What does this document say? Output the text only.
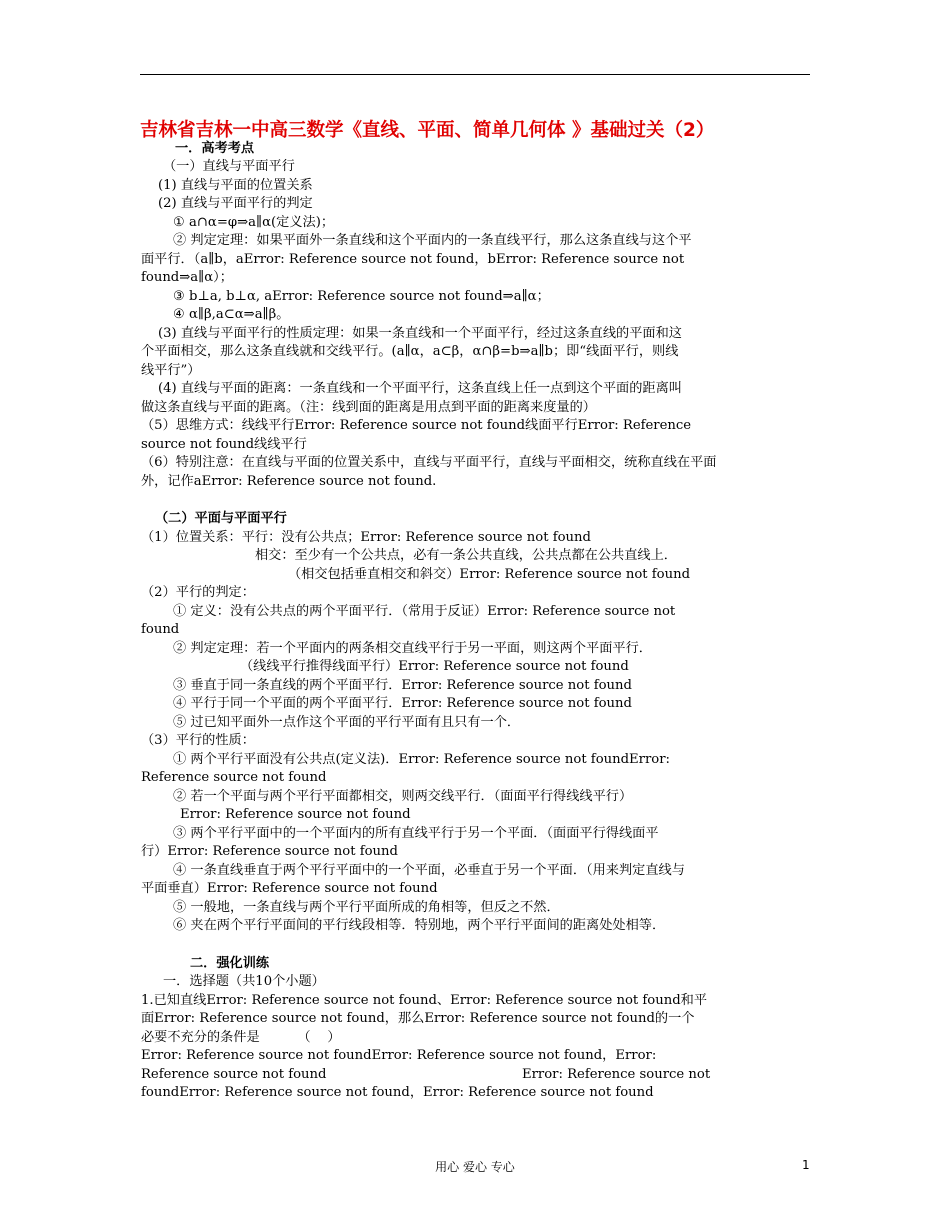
吉林省吉林一中高三数学《直线、平面、简单几何体 》基础过关（2）
一．高考考点
（一）直线与平面平行
(1) 直线与平面的位置关系
(2) 直线与平面平行的判定
① a∩α=φ⇒a∥α(定义法)；
② 判定定理：如果平面外一条直线和这个平面内的一条直线平行，那么这条直线与这个平
面平行．（a∥b，aError: Reference source not found，bError: Reference source not
found⇒a∥α）；
③ b⊥a, b⊥α, aError: Reference source not found⇒a∥α；
④ α∥β,a⊂α⇒a∥β。
(3) 直线与平面平行的性质定理：如果一条直线和一个平面平行，经过这条直线的平面和这
个平面相交，那么这条直线就和交线平行。(a∥α，a⊂β，α∩β=b⇒a∥b；即“线面平行，则线
线平行”）
(4) 直线与平面的距离：一条直线和一个平面平行，这条直线上任一点到这个平面的距离叫
做这条直线与平面的距离。（注：线到面的距离是用点到平面的距离来度量的）
（5）思维方式：线线平行Error: Reference source not found线面平行Error: Reference
source not found线线平行
（6）特别注意：在直线与平面的位置关系中，直线与平面平行，直线与平面相交，统称直线在平面
外，记作aError: Reference source not found.
（二）平面与平面平行
（1）位置关系：平行：没有公共点；Error: Reference source not found
相交：至少有一个公共点，必有一条公共直线，公共点都在公共直线上．
（相交包括垂直相交和斜交）Error: Reference source not found
（2）平行的判定：
① 定义：没有公共点的两个平面平行．（常用于反证）Error: Reference source not
found
② 判定定理：若一个平面内的两条相交直线平行于另一平面，则这两个平面平行．
（线线平行推得线面平行）Error: Reference source not found
③ 垂直于同一条直线的两个平面平行．Error: Reference source not found
④ 平行于同一个平面的两个平面平行．Error: Reference source not found
⑤ 过已知平面外一点作这个平面的平行平面有且只有一个．
（3）平行的性质：
① 两个平行平面没有公共点(定义法)．Error: Reference source not foundError:
Reference source not found
② 若一个平面与两个平行平面都相交，则两交线平行．（面面平行得线线平行）
Error: Reference source not found
③ 两个平行平面中的一个平面内的所有直线平行于另一个平面．（面面平行得线面平
行）Error: Reference source not found
④ 一条直线垂直于两个平行平面中的一个平面，必垂直于另一个平面．（用来判定直线与
平面垂直）Error: Reference source not found
⑤ 一般地，一条直线与两个平行平面所成的角相等，但反之不然．
⑥ 夹在两个平行平面间的平行线段相等．特别地，两个平行平面间的距离处处相等．
二．强化训练
一．选择题（共10个小题）
1.已知直线Error: Reference source not found、Error: Reference source not found和平
面Error: Reference source not found，那么Error: Reference source not found的一个
必要不充分的条件是         （    ）
Error: Reference source not foundError: Reference source not found，Error:
Reference source not found	Error: Reference source not
foundError: Reference source not found，Error: Reference source not found
用心 爱心 专心	1
